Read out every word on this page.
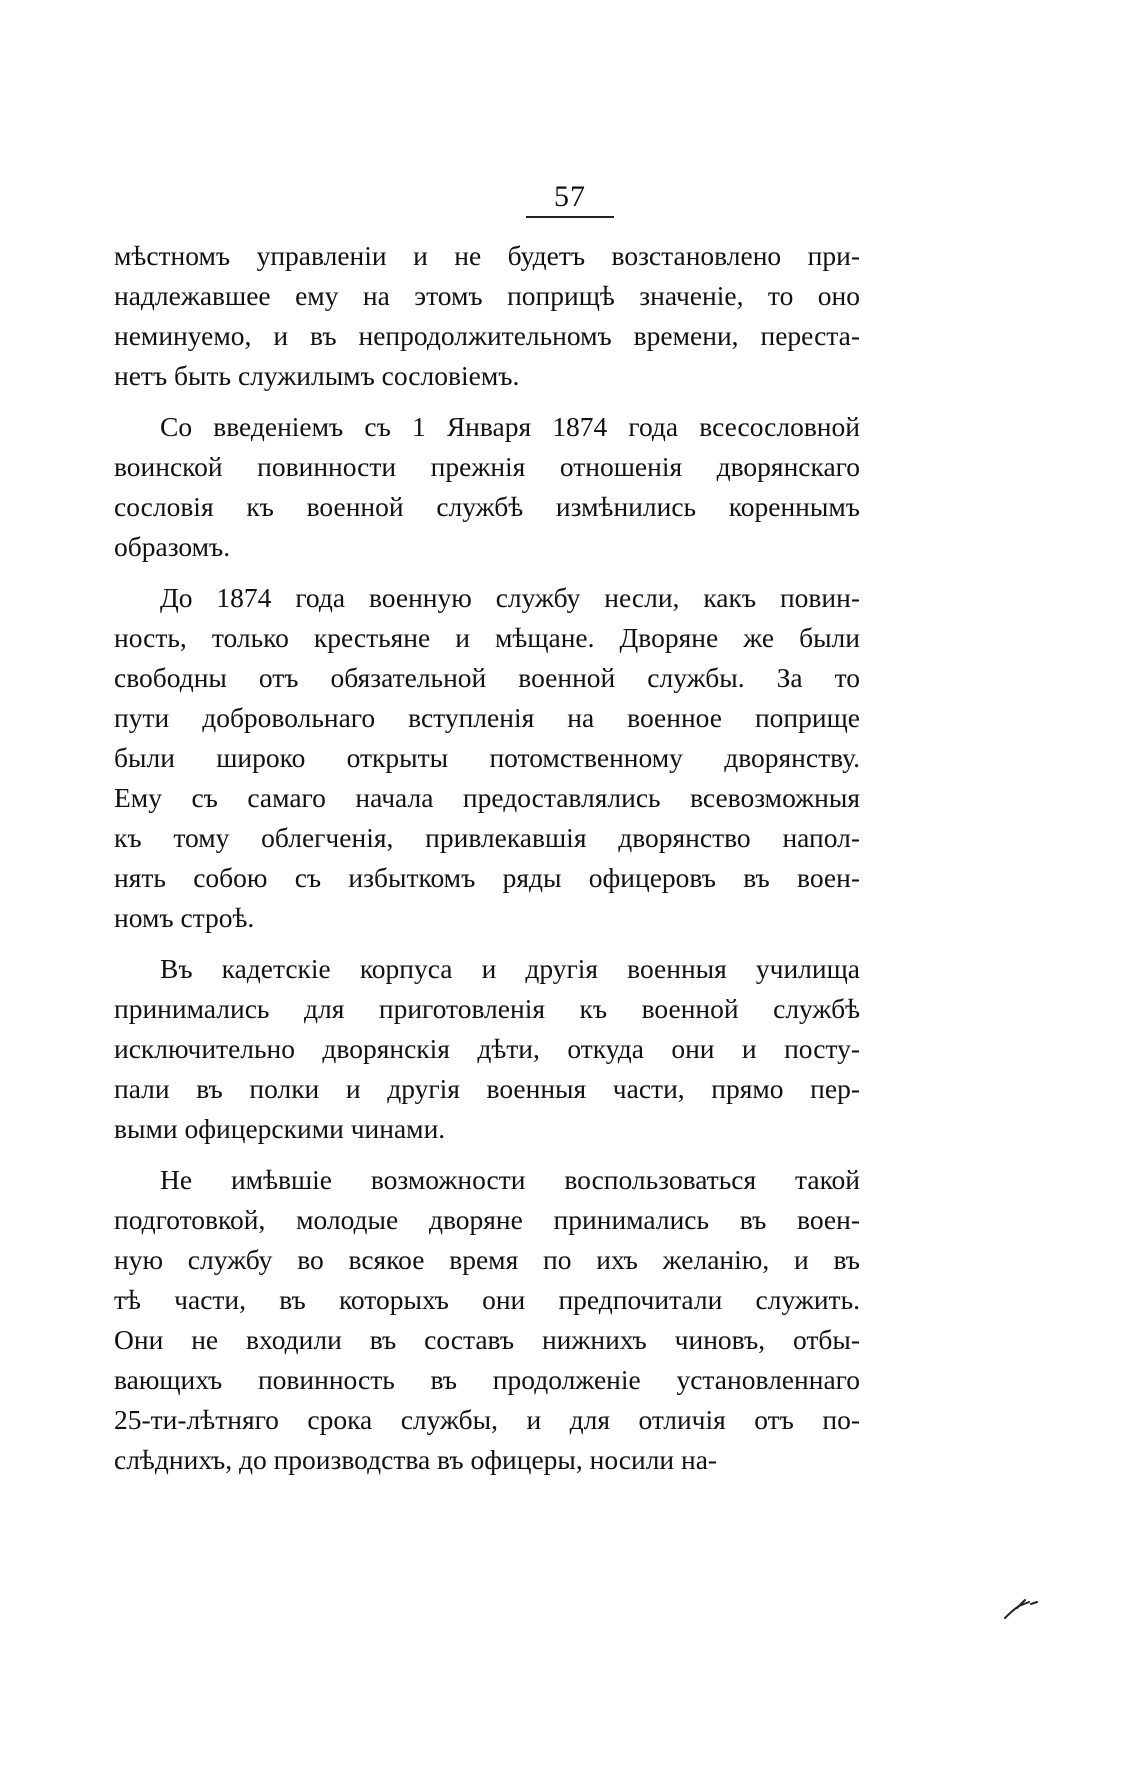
57
мѣстномъ управленіи и не будетъ возстановлено при-
надлежавшее ему на этомъ поприщѣ значеніе, то оно
неминуемо, и въ непродолжительномъ времени, переста-
нетъ быть служилымъ сословіемъ.
Со введеніемъ съ 1 Января 1874 года всесословной
воинской повинности прежнія отношенія дворянскаго
сословія къ военной службѣ измѣнились кореннымъ
образомъ.
До 1874 года военную службу несли, какъ повин-
ность, только крестьяне и мѣщане. Дворяне же были
свободны отъ обязательной военной службы. За то
пути добровольнаго вступленія на военное поприще
были широко открыты потомственному дворянству.
Ему съ самаго начала предоставлялись всевозможныя
къ тому облегченія, привлекавшія дворянство напол-
нять собою съ избыткомъ ряды офицеровъ въ воен-
номъ строѣ.
Въ кадетскіе корпуса и другія военныя училища
принимались для приготовленія къ военной службѣ
исключительно дворянскія дѣти, откуда они и посту-
пали въ полки и другія военныя части, прямо пер-
выми офицерскими чинами.
Не имѣвшіе возможности воспользоваться такой
подготовкой, молодые дворяне принимались въ воен-
ную службу во всякое время по ихъ желанію, и въ
тѣ части, въ которыхъ они предпочитали служить.
Они не входили въ составъ нижнихъ чиновъ, отбы-
вающихъ повинность въ продолженіе установленнаго
25-ти-лѣтняго срока службы, и для отличія отъ по-
слѣднихъ, до производства въ офицеры, носили на-
